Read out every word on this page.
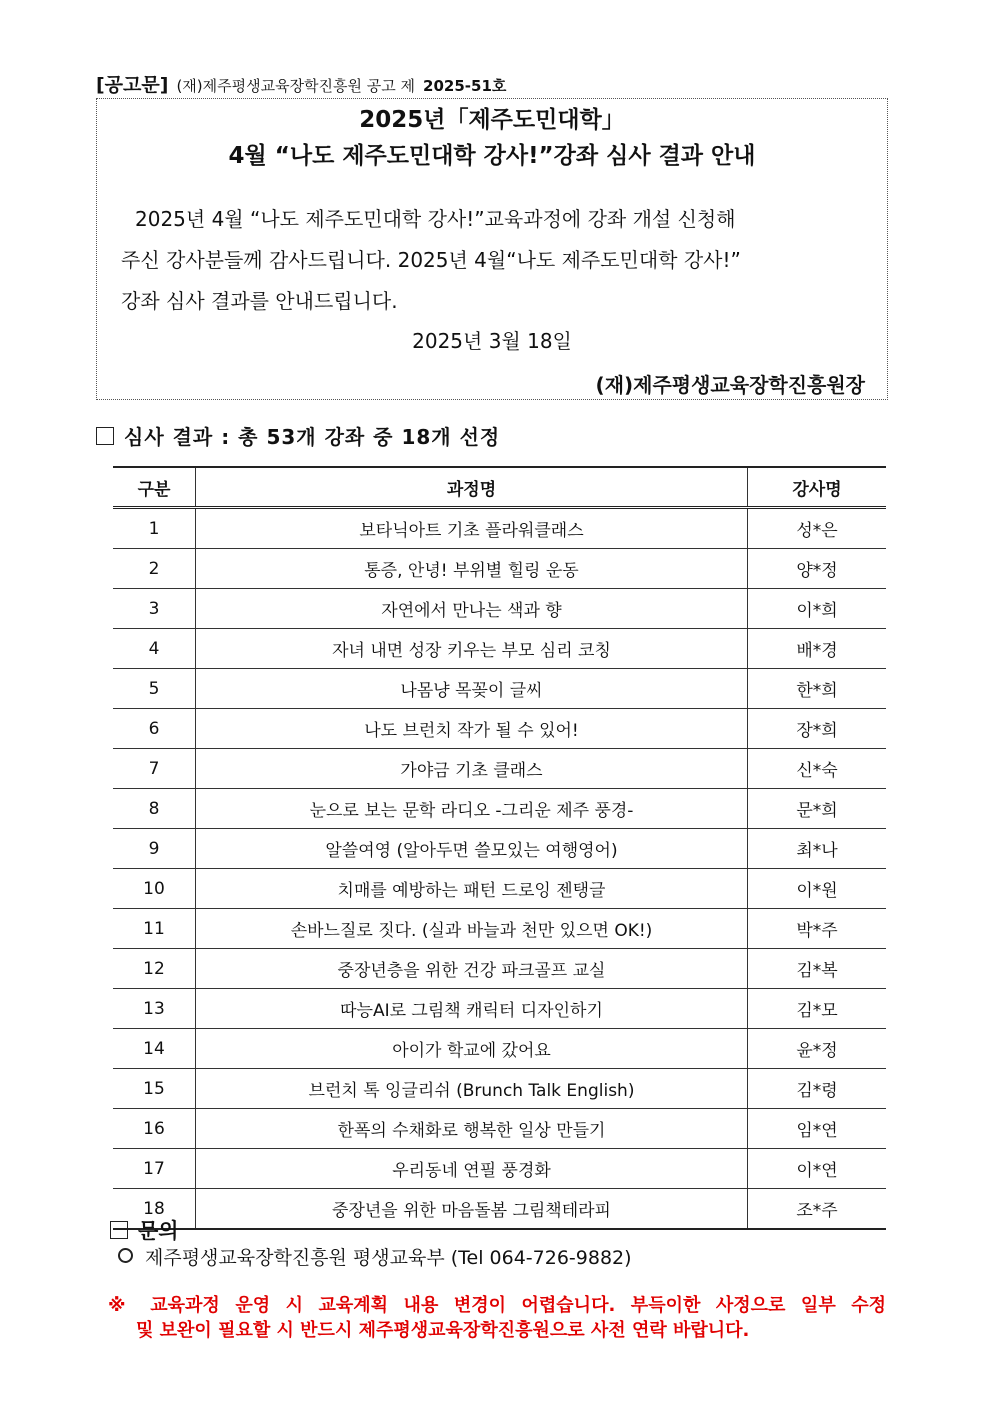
[공고문] (재)제주평생교육장학진흥원 공고 제 2025-51호
2025년「제주도민대학」
4월 “나도 제주도민대학 강사!”강좌 심사 결과 안내
2025년 4월 “나도 제주도민대학 강사!”교육과정에 강좌 개설 신청해
주신 강사분들께 감사드립니다. 2025년 4월“나도 제주도민대학 강사!”
강좌 심사 결과를 안내드립니다.
2025년 3월 18일
(재)제주평생교육장학진흥원장
심사 결과 : 총 53개 강좌 중 18개 선정
구분	과정명	강사명
1	보타닉아트 기초 플라워클래스	성*은
2	통증, 안녕! 부위별 힐링 운동	양*정
3	자연에서 만나는 색과 향	이*희
4	자녀 내면 성장 키우는 부모 심리 코칭	배*경
5	나몸냥 목꽂이 글씨	한*희
6	나도 브런치 작가 될 수 있어!	장*희
7	가야금 기초 클래스	신*숙
8	눈으로 보는 문학 라디오 -그리운 제주 풍경-	문*희
9	알쓸여영 (알아두면 쓸모있는 여행영어)	최*나
10	치매를 예방하는 패턴 드로잉 젠탱글	이*원
11	손바느질로 짓다. (실과 바늘과 천만 있으면 OK!)	박*주
12	중장년층을 위한 건강 파크골프 교실	김*복
13	따능AI로 그림책 캐릭터 디자인하기	김*모
14	아이가 학교에 갔어요	윤*정
15	브런치 톡 잉글리쉬 (Brunch Talk English)	김*령
16	한폭의 수채화로 행복한 일상 만들기	임*연
17	우리동네 연필 풍경화	이*연
18	중장년을 위한 마음돌봄 그림책테라피	조*주
문의
제주평생교육장학진흥원 평생교육부 (Tel 064-726-9882)
※ 교육과정 운영 시 교육계획 내용 변경이 어렵습니다. 부득이한 사정으로 일부 수정
및 보완이 필요할 시 반드시 제주평생교육장학진흥원으로 사전 연락 바랍니다.
